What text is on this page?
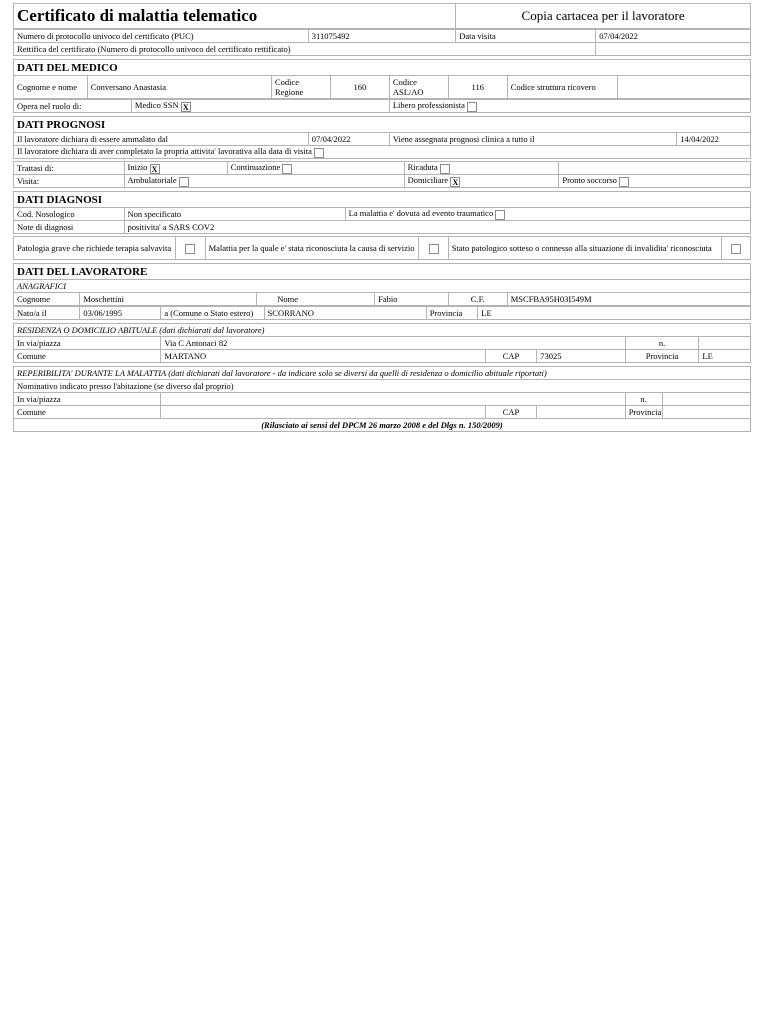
Certificato di malattia telematico	Copia cartacea per il lavoratore
Numero di protocollo univoco del certificato (PUC)	311075492	Data visita	07/04/2022
Rettifica del certificato (Numero di protocollo univoco del certificato rettificato)			
DATI DEL MEDICO
Cognome e nome	Conversano Anastasia	Codice Regione	160	Codice ASL/AO	116	Codice struttura ricovero	
Opera nel ruolo di:	Medico SSN X	Libero professionista
DATI PROGNOSI
Il lavoratore dichiara di essere ammalato dal	07/04/2022	Viene assegnata prognosi clinica a tutto il	14/04/2022
Il lavoratore dichiara di aver completato la propria attivita' lavorativa alla data di visita
Trattasi di:	Inizio X	Continuazione	Ricaduta	
Visita:	Ambulatoriale		Domiciliare X	Pronto soccorso
DATI DIAGNOSI		
Cod. Nosologico	Non specificato	La malattia e' dovuta ad evento traumatico
Note di diagnosi	positivita' a SARS COV2	
Patologia grave che richiede terapia salvavita		Malattia per la quale e' stata riconosciuta la causa di servizio		Stato patologico sotteso o connesso alla situazione di invalidita' riconosciuta	
DATI DEL LAVORATORE
ANAGRAFICI
Cognome	Moschettini	Nome	Fabio	C.F.	MSCFBA95H03I549M
Nato/a il	03/06/1995	a (Comune o Stato estero)	SCORRANO	Provincia	LE
RESIDENZA O DOMICILIO ABITUALE (dati dichiarati dal lavoratore)					
In via/piazza	Via C Antonaci 82			n.	
Comune	MARTANO	CAP	73025	Provincia	LE
REPERIBILITA' DURANTE LA MALATTIA (dati dichiarati dal lavoratore - da indicare solo se diversi da quelli di residenza o domicilio abituale riportati)					
Nominativo indicato presso l'abitazione (se diverso dal proprio)					
In via/piazza				n.	
Comune		CAP		Provincia	
(Rilasciato ai sensi del DPCM 26 marzo 2008 e del Dlgs n. 150/2009)					
